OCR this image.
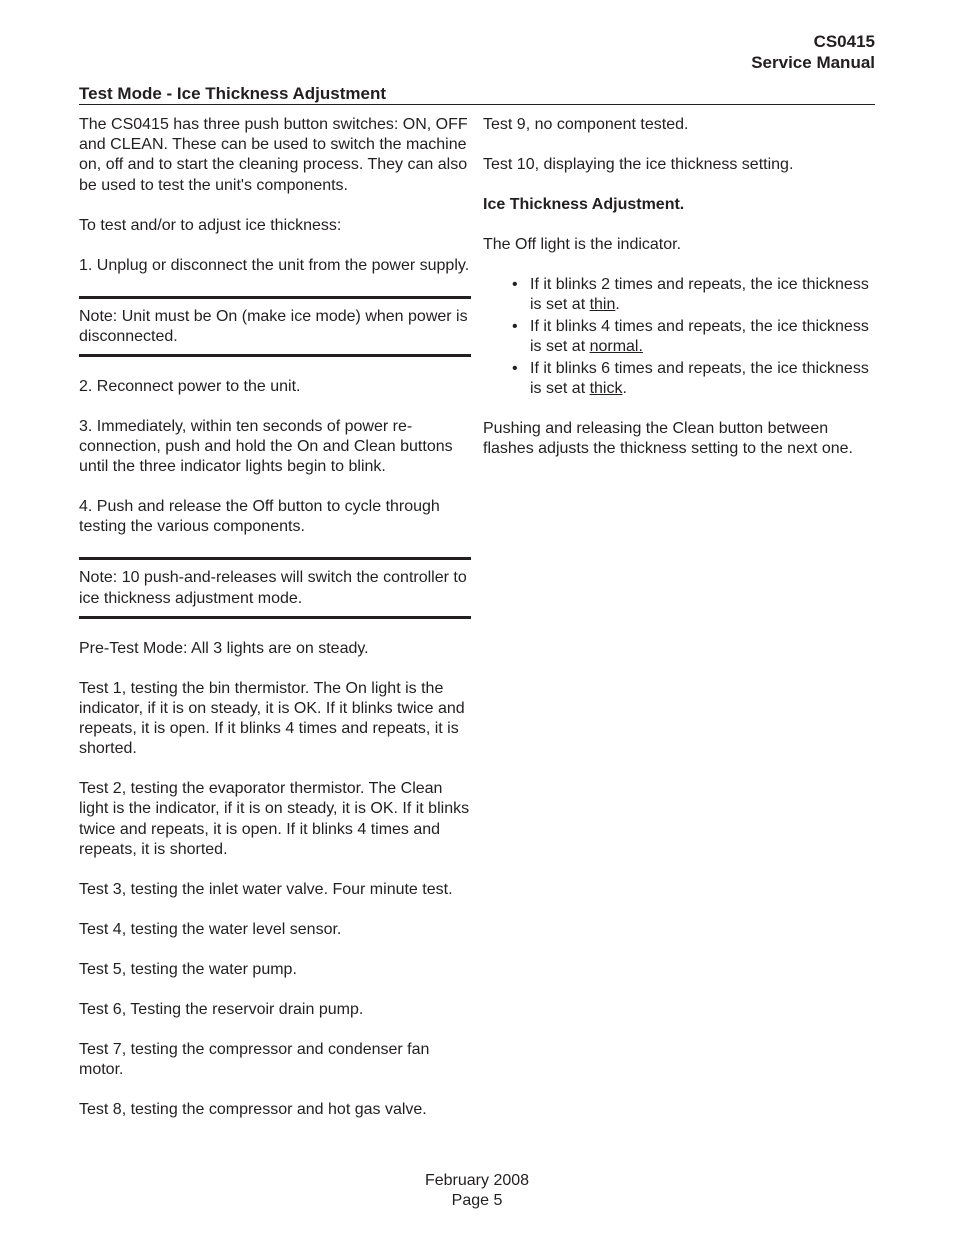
CS0415
Service Manual
Test Mode - Ice Thickness Adjustment

The CS0415 has three push button switches: ON, OFF and CLEAN. These can be used to switch the machine on, off and to start the cleaning process. They can also be used to test the unit's components.

To test and/or to adjust ice thickness:

1. Unplug or disconnect the unit from the power supply.

Note: Unit must be On (make ice mode) when power is disconnected.

2. Reconnect power to the unit.

3. Immediately, within ten seconds of power re-connection, push and hold the On and Clean buttons until the three indicator lights begin to blink.

4. Push and release the Off button to cycle through testing the various components.

Note: 10 push-and-releases will switch the controller to ice thickness adjustment mode.

Pre-Test Mode: All 3 lights are on steady.

Test 1, testing the bin thermistor. The On light is the indicator, if it is on steady, it is OK. If it blinks twice and repeats, it is open. If it blinks 4 times and repeats, it is shorted.

Test 2, testing the evaporator thermistor. The Clean light is the indicator, if it is on steady, it is OK. If it blinks twice and repeats, it is open. If it blinks 4 times and repeats, it is shorted.

Test 3, testing the inlet water valve. Four minute test.

Test 4, testing the water level sensor.

Test 5, testing the water pump.

Test 6, Testing the reservoir drain pump.

Test 7, testing the compressor and condenser fan motor.

Test 8, testing the compressor and hot gas valve.

Test 9, no component tested.

Test 10, displaying the ice thickness setting.

Ice Thickness Adjustment.

The Off light is the indicator.

• If it blinks 2 times and repeats, the ice thickness is set at thin.
• If it blinks 4 times and repeats, the ice thickness is set at normal.
• If it blinks 6 times and repeats, the ice thickness is set at thick.

Pushing and releasing the Clean button between flashes adjusts the thickness setting to the next one.

February 2008
Page 5
